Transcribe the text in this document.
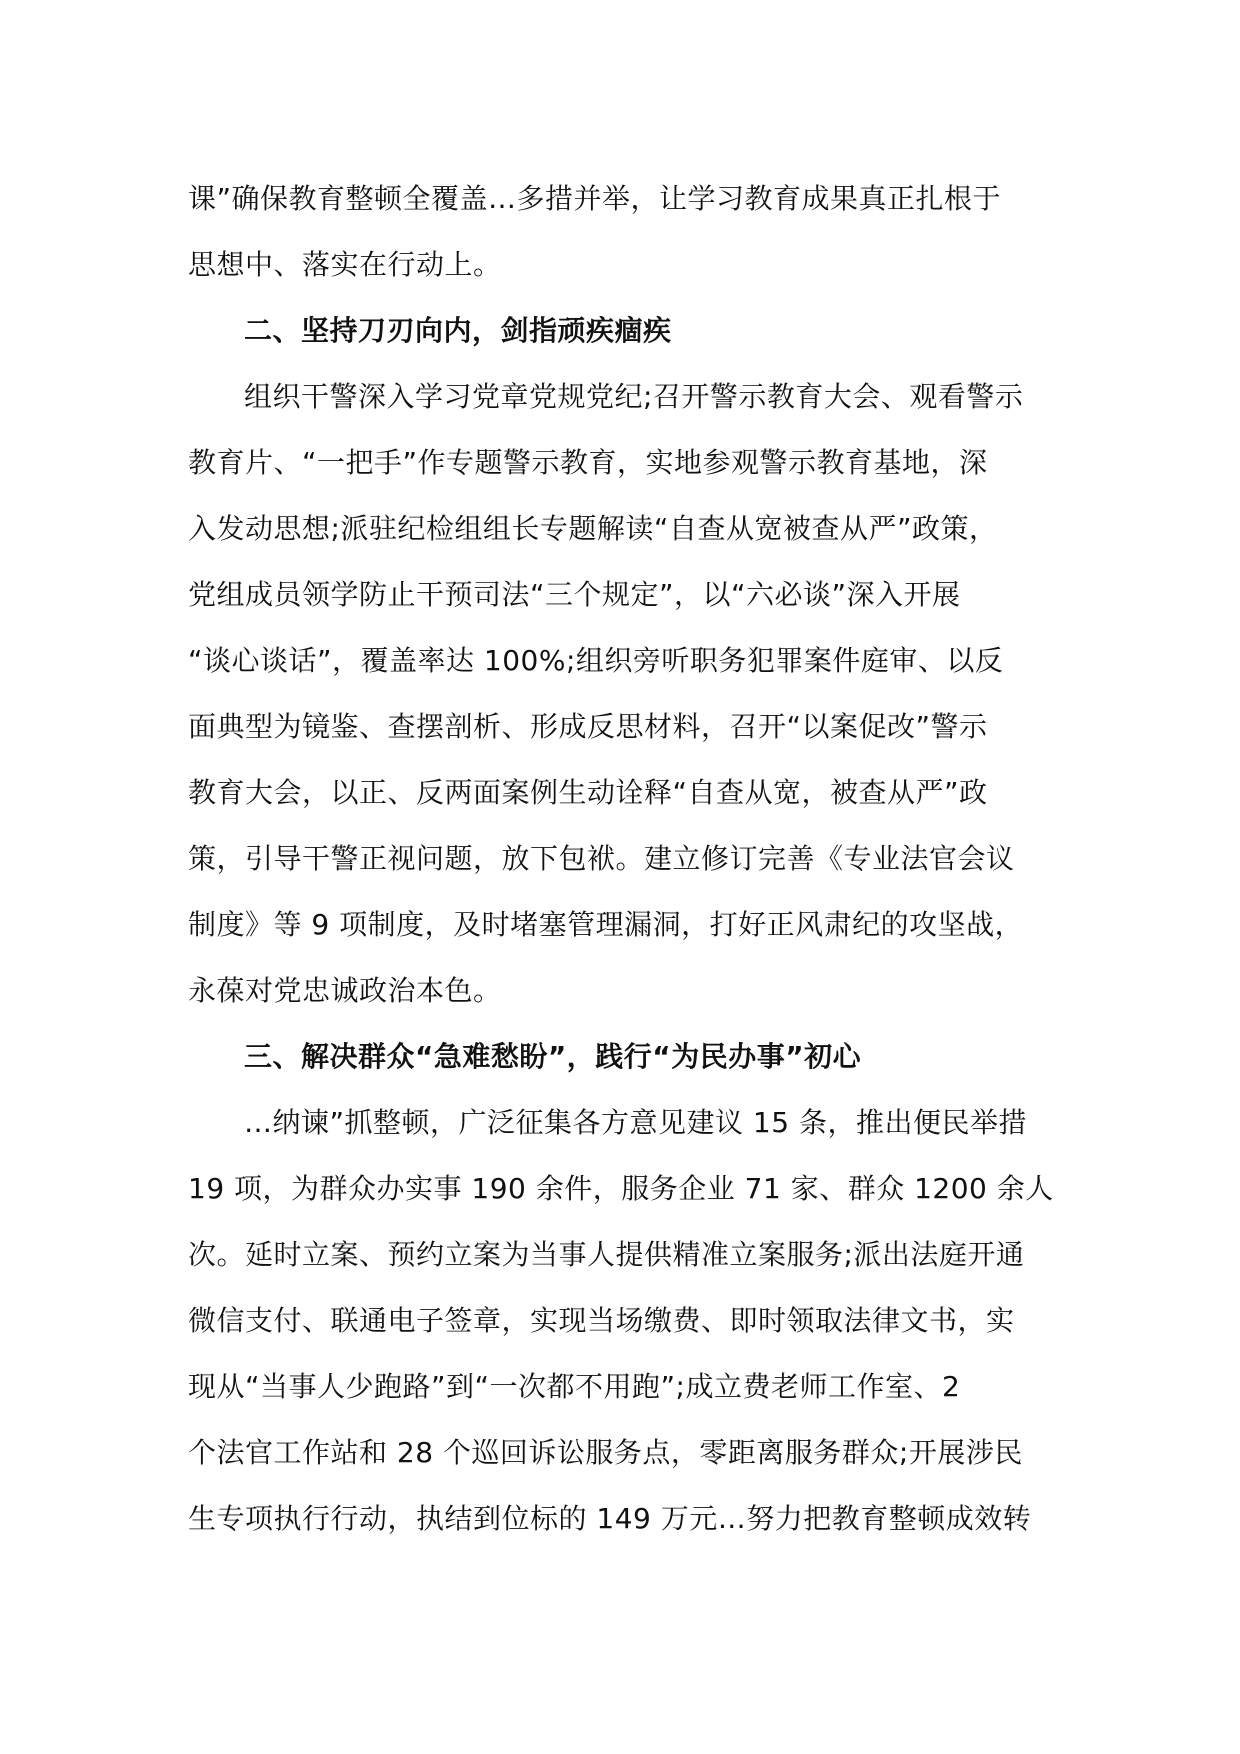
课”确保教育整顿全覆盖…多措并举，让学习教育成果真正扎根于
思想中、落实在行动上。
二、坚持刀刃向内，剑指顽疾痼疾
组织干警深入学习党章党规党纪;召开警示教育大会、观看警示
教育片、“一把手”作专题警示教育，实地参观警示教育基地，深
入发动思想;派驻纪检组组长专题解读“自查从宽被查从严”政策，
党组成员领学防止干预司法“三个规定”，以“六必谈”深入开展
“谈心谈话”，覆盖率达 100%;组织旁听职务犯罪案件庭审、以反
面典型为镜鉴、查摆剖析、形成反思材料，召开“以案促改”警示
教育大会，以正、反两面案例生动诠释“自查从宽，被查从严”政
策，引导干警正视问题，放下包袱。建立修订完善《专业法官会议
制度》等 9 项制度，及时堵塞管理漏洞，打好正风肃纪的攻坚战，
永葆对党忠诚政治本色。
三、解决群众“急难愁盼”，践行“为民办事”初心
…纳谏”抓整顿，广泛征集各方意见建议 15 条，推出便民举措
19 项，为群众办实事 190 余件，服务企业 71 家、群众 1200 余人
次。延时立案、预约立案为当事人提供精准立案服务;派出法庭开通
微信支付、联通电子签章，实现当场缴费、即时领取法律文书，实
现从“当事人少跑路”到“一次都不用跑”;成立费老师工作室、2
个法官工作站和 28 个巡回诉讼服务点，零距离服务群众;开展涉民
生专项执行行动，执结到位标的 149 万元…努力把教育整顿成效转
